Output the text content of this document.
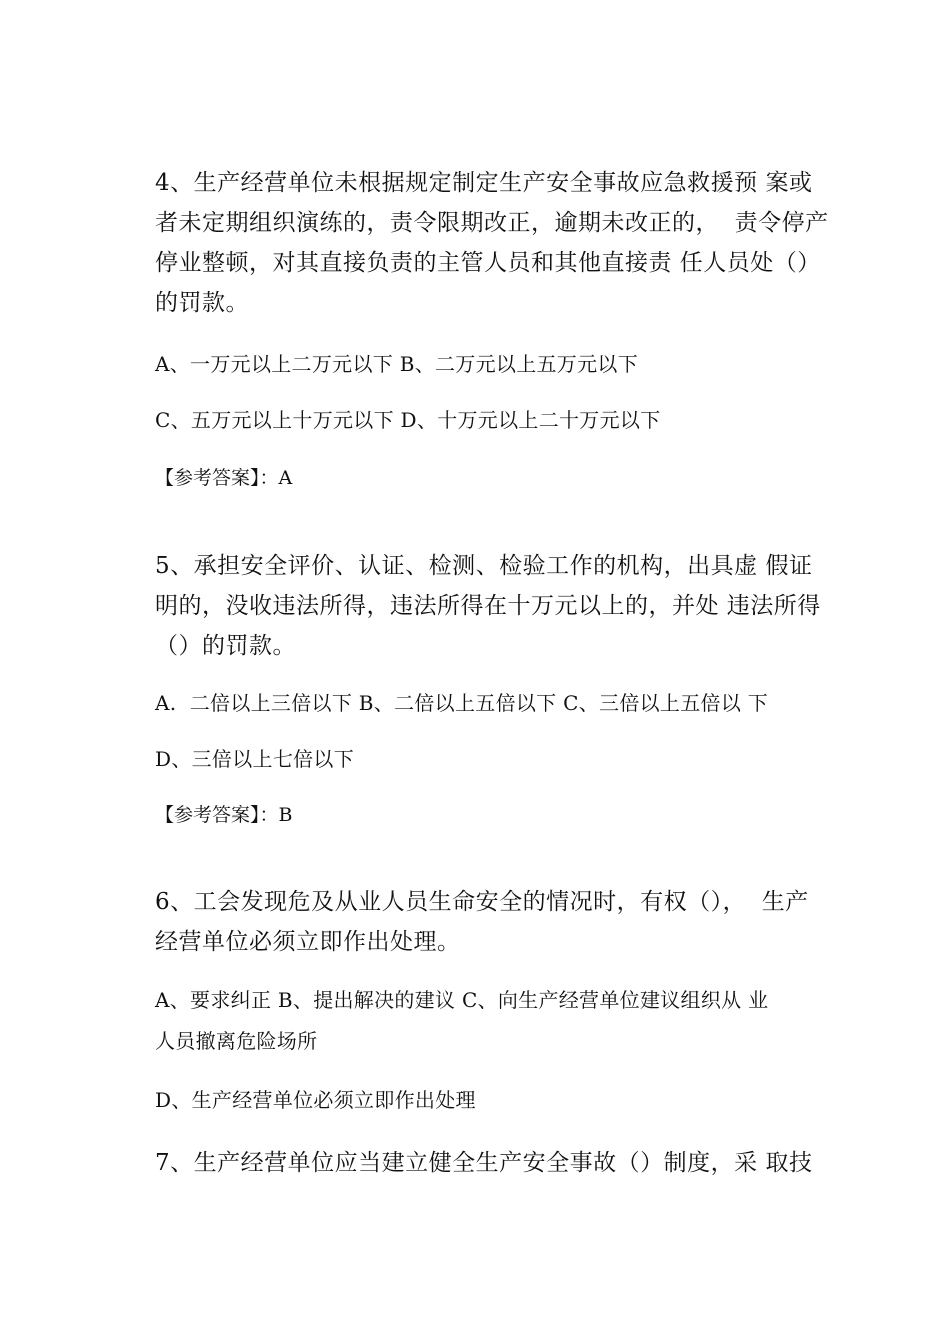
4、生产经营单位未根据规定制定生产安全事故应急救援预 案或
者未定期组织演练的，责令限期改正，逾期未改正的，  责令停产
停业整顿，对其直接负责的主管人员和其他直接责 任人员处（）
的罚款。
A、一万元以上二万元以下 B、二万元以上五万元以下
C、五万元以上十万元以下 D、十万元以上二十万元以下
【参考答案】：A
5、承担安全评价、认证、检测、检验工作的机构，出具虚 假证
明的，没收违法所得，违法所得在十万元以上的，并处 违法所得
（）的罚款。
A.  二倍以上三倍以下 B、二倍以上五倍以下 C、三倍以上五倍以 下
D、三倍以上七倍以下
【参考答案】：B
6、工会发现危及从业人员生命安全的情况时，有权（），  生产
经营单位必须立即作出处理。
A、要求纠正 B、提出解决的建议 C、向生产经营单位建议组织从 业
人员撤离危险场所
D、生产经营单位必须立即作出处理
7、生产经营单位应当建立健全生产安全事故（）制度，采 取技
